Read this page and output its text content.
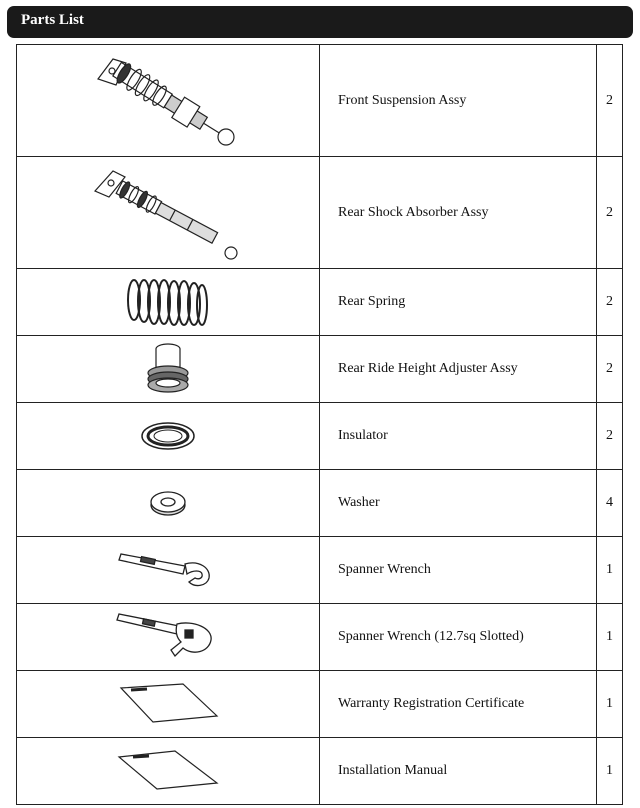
Parts List
	Front Suspension Assy	2

	Rear Shock Absorber Assy	2

	Rear Spring	2

	Rear Ride Height Adjuster Assy	2

	Insulator	2

	Washer	4

	Spanner Wrench	1

	Spanner Wrench (12.7sq Slotted)	1

	Warranty Registration Certificate	1

	Installation Manual	1
